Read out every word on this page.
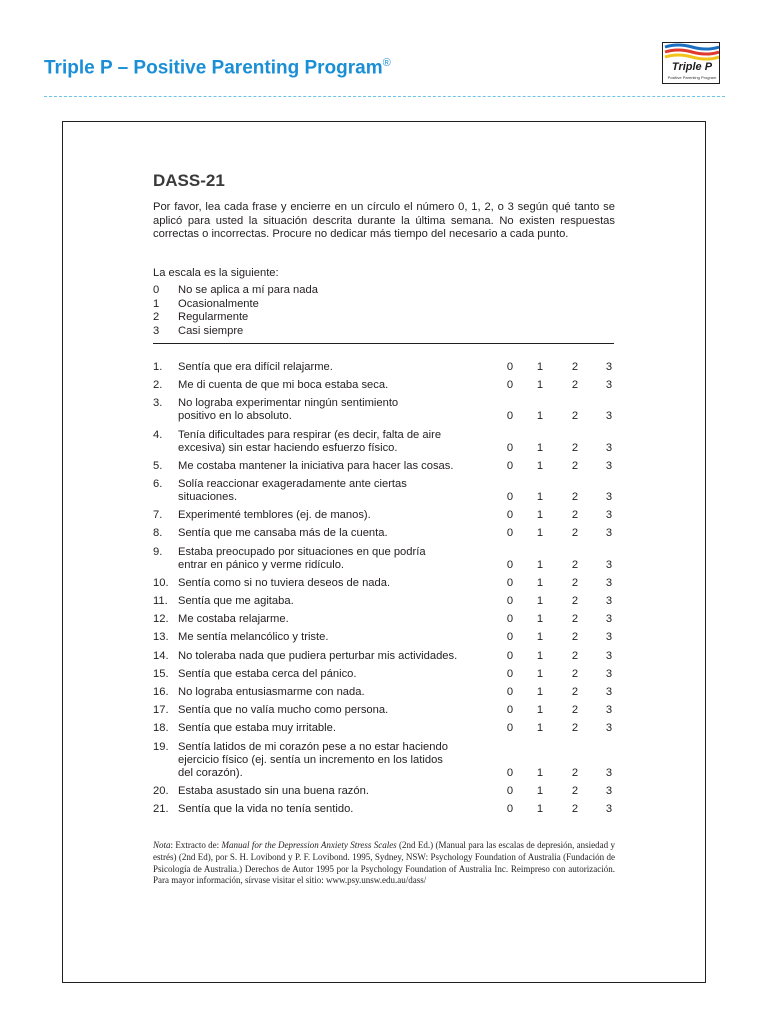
Triple P – Positive Parenting Program®	Triple P
Positive Parenting Program
DASS-21
Por favor, lea cada frase y encierre en un círculo el número 0, 1, 2, o 3 según qué tanto se aplicó para usted la situación descrita durante la última semana. No existen respuestas correctas o incorrectas. Procure no dedicar más tiempo del necesario a cada punto.
La escala es la siguiente:
0 No se aplica a mí para nada
1 Ocasionalmente
2 Regularmente
3 Casi siempre
1.	Sentía que era difícil relajarme.	0	1	2	3
2.	Me di cuenta de que mi boca estaba seca.	0	1	2	3
3.	No lograba experimentar ningún sentimiento
positivo en lo absoluto.	0	1	2	3
4.	Tenía dificultades para respirar (es decir, falta de aire
excesiva) sin estar haciendo esfuerzo físico.	0	1	2	3
5.	Me costaba mantener la iniciativa para hacer las cosas.	0	1	2	3
6.	Solía reaccionar exageradamente ante ciertas
situaciones.	0	1	2	3
7.	Experimenté temblores (ej. de manos).	0	1	2	3
8.	Sentía que me cansaba más de la cuenta.	0	1	2	3
9.	Estaba preocupado por situaciones en que podría
entrar en pánico y verme ridículo.	0	1	2	3
10. Sentía como si no tuviera deseos de nada.	0	1	2	3
11. Sentía que me agitaba.	0	1	2	3
12. Me costaba relajarme.	0	1	2	3
13. Me sentía melancólico y triste.	0	1	2	3
14. No toleraba nada que pudiera perturbar mis actividades.	0	1	2	3
15. Sentía que estaba cerca del pánico.	0	1	2	3
16. No lograba entusiasmarme con nada.	0	1	2	3
17. Sentía que no valía mucho como persona.	0	1	2	3
18. Sentía que estaba muy irritable.	0	1	2	3
19. Sentía latidos de mi corazón pese a no estar haciendo
ejercicio físico (ej. sentía un incremento en los latidos
del corazón).	0	1	2	3
20. Estaba asustado sin una buena razón.	0	1	2	3
21. Sentía que la vida no tenía sentido.	0	1	2	3
Nota: Extracto de: Manual for the Depression Anxiety Stress Scales (2nd Ed.) (Manual para las escalas de depresión, ansiedad y estrés) (2nd Ed), por S. H. Lovibond y P. F. Lovibond. 1995, Sydney, NSW: Psychology Foundation of Australia (Fundación de Psicología de Australia.) Derechos de Autor 1995 por la Psychology Foundation of Australia Inc. Reimpreso con autorización. Para mayor información, sírvase visitar el sitio: www.psy.unsw.edu.au/dass/
